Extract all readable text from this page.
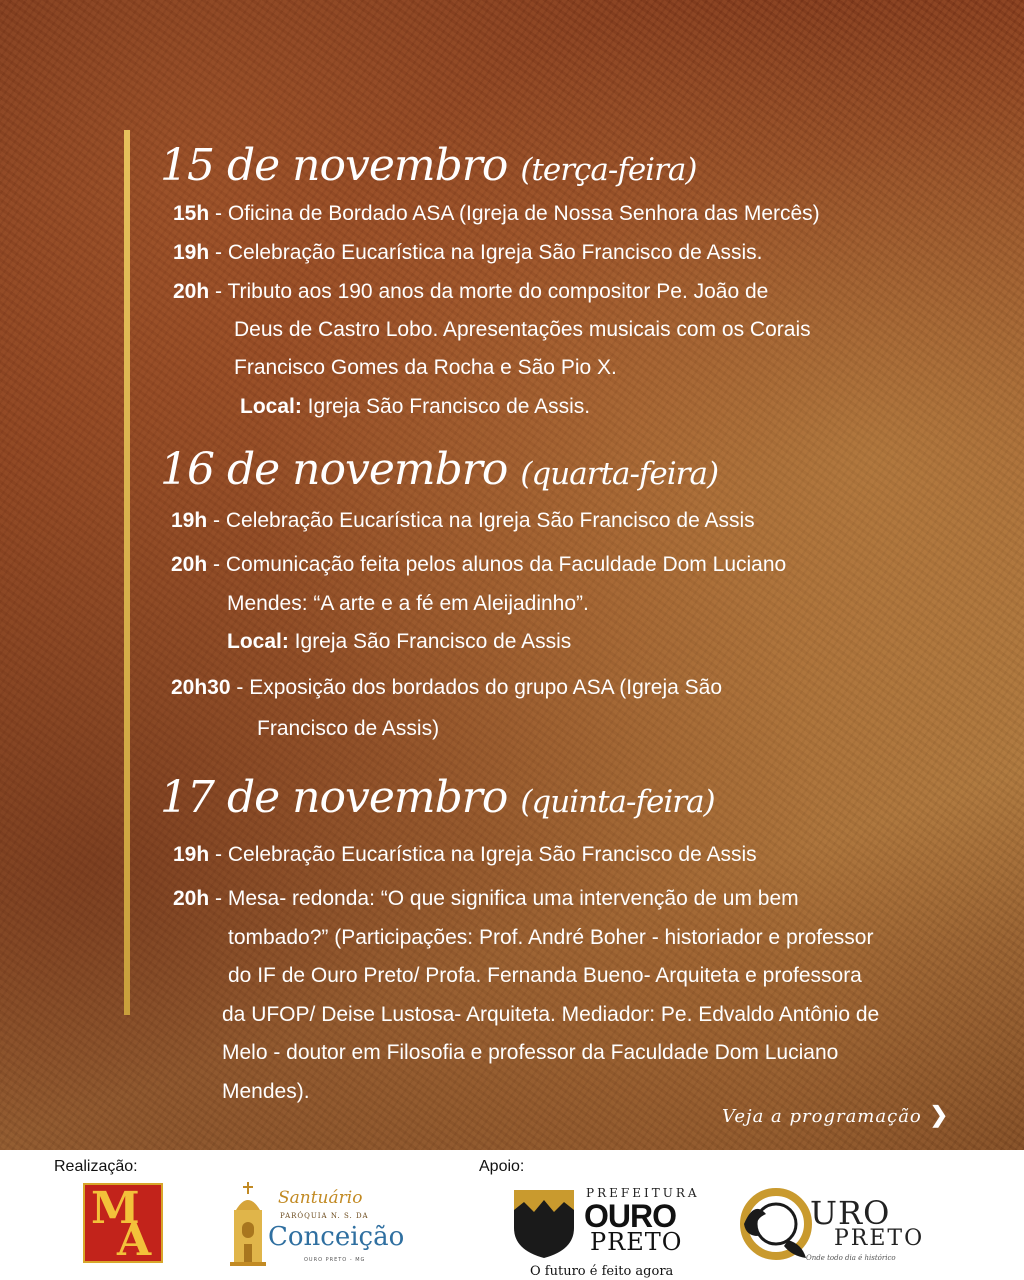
15 de novembro (terça-feira)
15h - Oficina de Bordado ASA (Igreja de Nossa Senhora das Mercês)
19h - Celebração Eucarística na Igreja São Francisco de Assis.
20h - Tributo aos 190 anos da morte do compositor Pe. João de
Deus de Castro Lobo. Apresentações musicais com os Corais
Francisco Gomes da Rocha e São Pio X.
Local: Igreja São Francisco de Assis.
16 de novembro (quarta-feira)
19h - Celebração Eucarística na Igreja São Francisco de Assis
20h - Comunicação feita pelos alunos da Faculdade Dom Luciano
Mendes: “A arte e a fé em Aleijadinho”.
Local: Igreja São Francisco de Assis
20h30 - Exposição dos bordados do grupo ASA (Igreja São
Francisco de Assis)
17 de novembro (quinta-feira)
19h - Celebração Eucarística na Igreja São Francisco de Assis
20h - Mesa- redonda: “O que significa uma intervenção de um bem
tombado?” (Participações: Prof. André Boher - historiador e professor
do IF de Ouro Preto/ Profa. Fernanda Bueno- Arquiteta e professora
da UFOP/ Deise Lustosa- Arquiteta. Mediador: Pe. Edvaldo Antônio de
Melo - doutor em Filosofia e professor da Faculdade Dom Luciano
Mendes).
Veja a programação ❯
Realização:	Apoio:
M
A
Santuário
PARÓQUIA N. S. DA
Conceição
OURO PRETO - MG
PREFEITURA
OURO
PRETO
O futuro é feito agora
URO
PRETO
Onde todo dia é histórico
